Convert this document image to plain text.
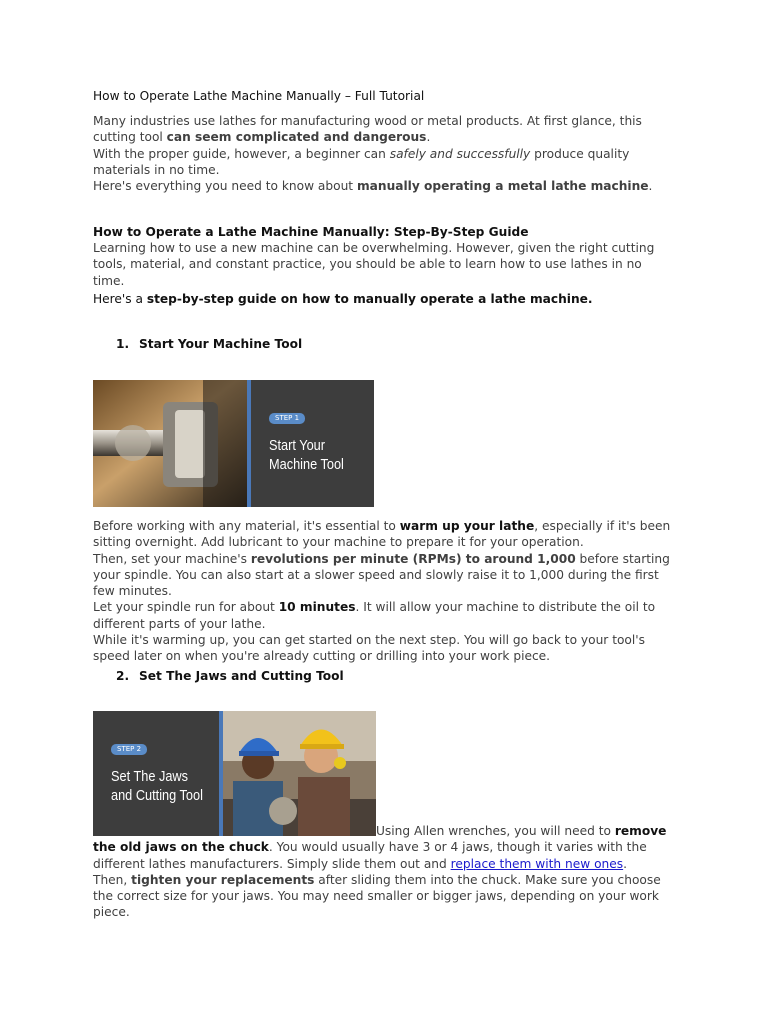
How to Operate Lathe Machine Manually – Full Tutorial

Many industries use lathes for manufacturing wood or metal products. At first glance, this cutting tool can seem complicated and dangerous.
With the proper guide, however, a beginner can safely and successfully produce quality materials in no time.
Here's everything you need to know about manually operating a metal lathe machine.

How to Operate a Lathe Machine Manually: Step-By-Step Guide

Learning how to use a new machine can be overwhelming. However, given the right cutting tools, material, and constant practice, you should be able to learn how to use lathes in no time.

Here's a step-by-step guide on how to manually operate a lathe machine.

1. Start Your Machine Tool
STEP 1
Start Your
Machine Tool

Before working with any material, it's essential to warm up your lathe, especially if it's been sitting overnight. Add lubricant to your machine to prepare it for your operation.
Then, set your machine's revolutions per minute (RPMs) to around 1,000 before starting your spindle. You can also start at a slower speed and slowly raise it to 1,000 during the first few minutes.
Let your spindle run for about 10 minutes. It will allow your machine to distribute the oil to different parts of your lathe.
While it's warming up, you can get started on the next step. You will go back to your tool's speed later on when you're already cutting or drilling into your work piece.

2. Set The Jaws and Cutting Tool
STEP 2
Set The Jaws
and Cutting Tool

Using Allen wrenches, you will need to remove the old jaws on the chuck. You would usually have 3 or 4 jaws, though it varies with the different lathes manufacturers. Simply slide them out and replace them with new ones.
Then, tighten your replacements after sliding them into the chuck. Make sure you choose the correct size for your jaws. You may need smaller or bigger jaws, depending on your work piece.
